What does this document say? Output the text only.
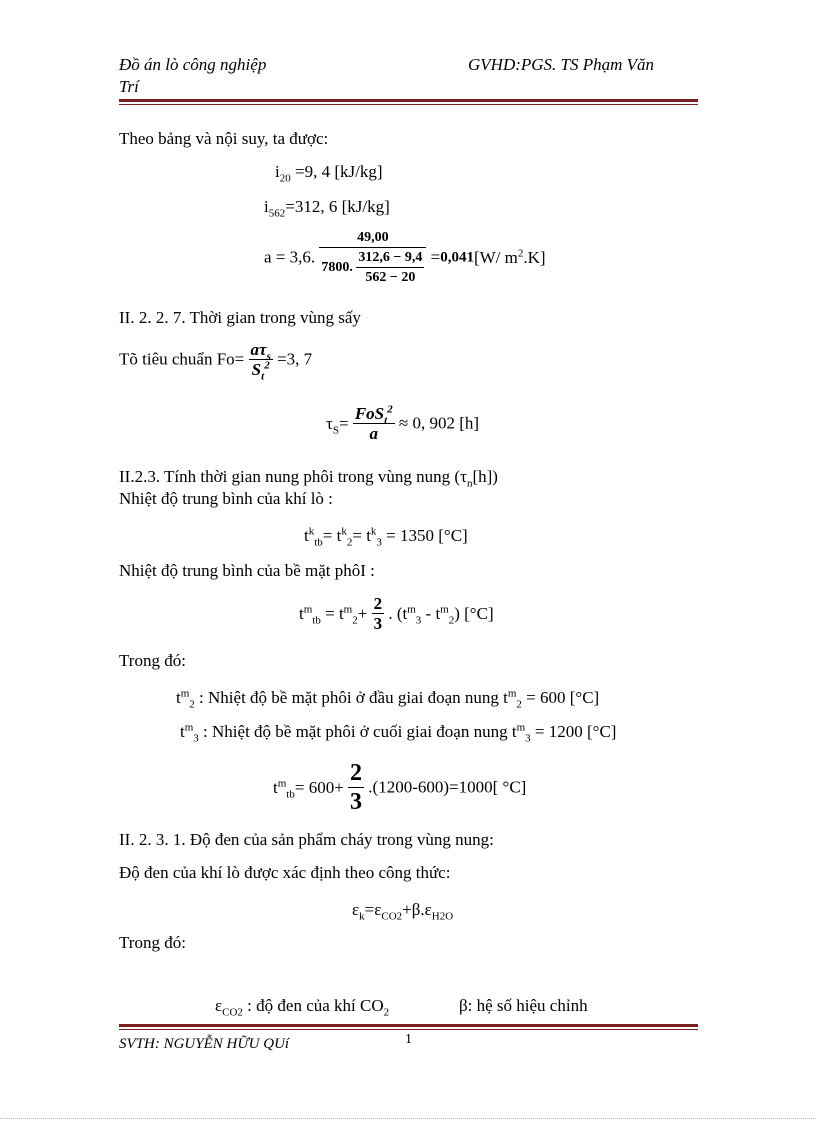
Đồ án lò công nghiệp
Trí
GVHD:PGS. TS Phạm Văn
Theo bảng và nội suy, ta được:
$i_{20} =9$, 4 [kJ/kg]
$i_{562}=312$, 6 [kJ/kg]
a = 3,6. $\frac{49,00}{7800. \frac{312,6 - 9,4}{562 - 20}} =0,041[W/$ $m^2.K$]
II. 2. 2. 7. Thời gian trong vùng sấy
Tõ tiêu chuẩn $Fo= \frac{a\tau_s}{S_t^2} =3$, 7
$\tau_S= \frac{FoS_t^2}{a} \approx 0$, 902 [h]
II.2.3. Tính thời gian nung phôi trong vùng nung $(\tau_n[h])$
Nhiệt độ trung bình của khí lò :
$t^k_{tb}= t^k_2= t^k_3 = 1350$ [°C]
Nhiệt độ trung bình của bề mặt phôI :
$t^m_{tb} = t^m_2+ \frac{2}{3}$ . $(t^m_3 - t^m_2)$ [°C]
Trong đó:
$t^m_2$ : Nhiệt độ bề mặt phôi ở đầu giai đoạn nung $t^m_2 = 600$ [°C]
$t^m_3$ : Nhiệt độ bề mặt phôi ở cuối giai đoạn nung $t^m_3 = 1200$ [°C]
$t^m_{tb}= 600+ \frac{2}{3} .(1200-600)=1000$[ °C]
II. 2. 3. 1. Độ đen của sản phẩm cháy trong vùng nung:
Độ đen của khí lò được xác định theo công thức:
$\varepsilon_k=\varepsilon_{CO2}+\beta.\varepsilon_{H2O}$
Trong đó:
$\varepsilon_{CO2}$ : độ đen của khí $CO_2$	β: hệ số hiệu chỉnh
SVTH: NGUYỄN HỮU QUí	1
